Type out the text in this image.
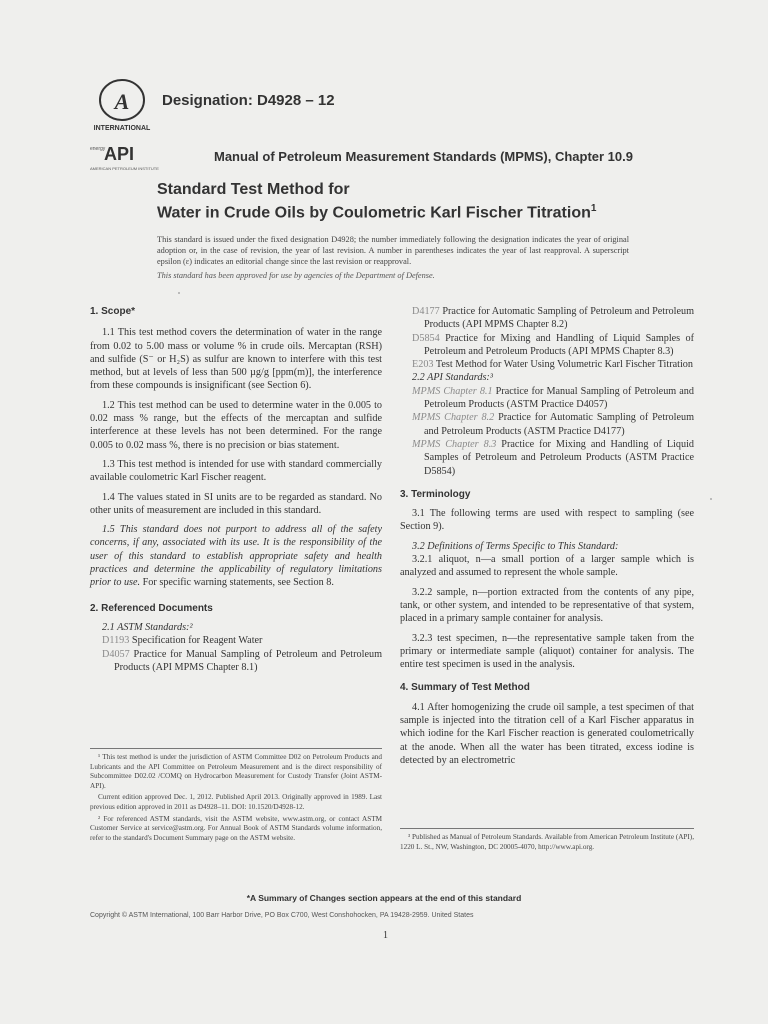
A
INTERNATIONAL
energy
API
AMERICAN PETROLEUM INSTITUTE
Designation: D4928 – 12
Manual of Petroleum Measurement Standards (MPMS), Chapter 10.9
Standard Test Method for
Water in Crude Oils by Coulometric Karl Fischer Titration$^1$
This standard is issued under the fixed designation D4928; the number immediately following the designation indicates the year of original adoption or, in the case of revision, the year of last revision. A number in parentheses indicates the year of last reapproval. A superscript epsilon (ε) indicates an editorial change since the last revision or reapproval.
This standard has been approved for use by agencies of the Department of Defense.

1. Scope*

1.1 This test method covers the determination of water in the range from 0.02 to 5.00 mass or volume % in crude oils. Mercaptan (RSH) and sulfide (S⁻ or H₂S) as sulfur are known to interfere with this test method, but at levels of less than 500 µg/g [ppm(m)], the interference from these compounds is insignificant (see Section 6).

1.2 This test method can be used to determine water in the 0.005 to 0.02 mass % range, but the effects of the mercaptan and sulfide interference at these levels has not been determined. For the range 0.005 to 0.02 mass %, there is no precision or bias statement.

1.3 This test method is intended for use with standard commercially available coulometric Karl Fischer reagent.

1.4 The values stated in SI units are to be regarded as standard. No other units of measurement are included in this standard.

1.5 This standard does not purport to address all of the safety concerns, if any, associated with its use. It is the responsibility of the user of this standard to establish appropriate safety and health practices and determine the applicability of regulatory limitations prior to use. For specific warning statements, see Section 8.

2. Referenced Documents

2.1 ASTM Standards:²

D1193 Specification for Reagent Water

D4057 Practice for Manual Sampling of Petroleum and Petroleum Products (API MPMS Chapter 8.1)

D4177 Practice for Automatic Sampling of Petroleum and Petroleum Products (API MPMS Chapter 8.2)

D5854 Practice for Mixing and Handling of Liquid Samples of Petroleum and Petroleum Products (API MPMS Chapter 8.3)

E203 Test Method for Water Using Volumetric Karl Fischer Titration

2.2 API Standards:³

MPMS Chapter 8.1 Practice for Manual Sampling of Petroleum and Petroleum Products (ASTM Practice D4057)

MPMS Chapter 8.2 Practice for Automatic Sampling of Petroleum and Petroleum Products (ASTM Practice D4177)

MPMS Chapter 8.3 Practice for Mixing and Handling of Liquid Samples of Petroleum and Petroleum Products (ASTM Practice D5854)

3. Terminology

3.1 The following terms are used with respect to sampling (see Section 9).

3.2 Definitions of Terms Specific to This Standard:

3.2.1 aliquot, n—a small portion of a larger sample which is analyzed and assumed to represent the whole sample.

3.2.2 sample, n—portion extracted from the contents of any pipe, tank, or other system, and intended to be representative of that system, placed in a primary sample container for analysis.

3.2.3 test specimen, n—the representative sample taken from the primary or intermediate sample (aliquot) container for analysis. The entire test specimen is used in the analysis.

4. Summary of Test Method

4.1 After homogenizing the crude oil sample, a test specimen of that sample is injected into the titration cell of a Karl Fischer apparatus in which iodine for the Karl Fischer reaction is generated coulometrically at the anode. When all the water has been titrated, excess iodine is detected by an electrometric

¹ This test method is under the jurisdiction of ASTM Committee D02 on Petroleum Products and Lubricants and the API Committee on Petroleum Measurement and is the direct responsibility of Subcommittee D02.02 /COMQ on Hydrocarbon Measurement for Custody Transfer (Joint ASTM-API).

Current edition approved Dec. 1, 2012. Published April 2013. Originally approved in 1989. Last previous edition approved in 2011 as D4928–11. DOI: 10.1520/D4928-12.

² For referenced ASTM standards, visit the ASTM website, www.astm.org, or contact ASTM Customer Service at service@astm.org. For Annual Book of ASTM Standards volume information, refer to the standard's Document Summary page on the ASTM website.	³ Published as Manual of Petroleum Standards. Available from American Petroleum Institute (API), 1220 L. St., NW, Washington, DC 20005-4070, http://www.api.org.

*A Summary of Changes section appears at the end of this standard
Copyright © ASTM International, 100 Barr Harbor Drive, PO Box C700, West Conshohocken, PA 19428-2959. United States
1
